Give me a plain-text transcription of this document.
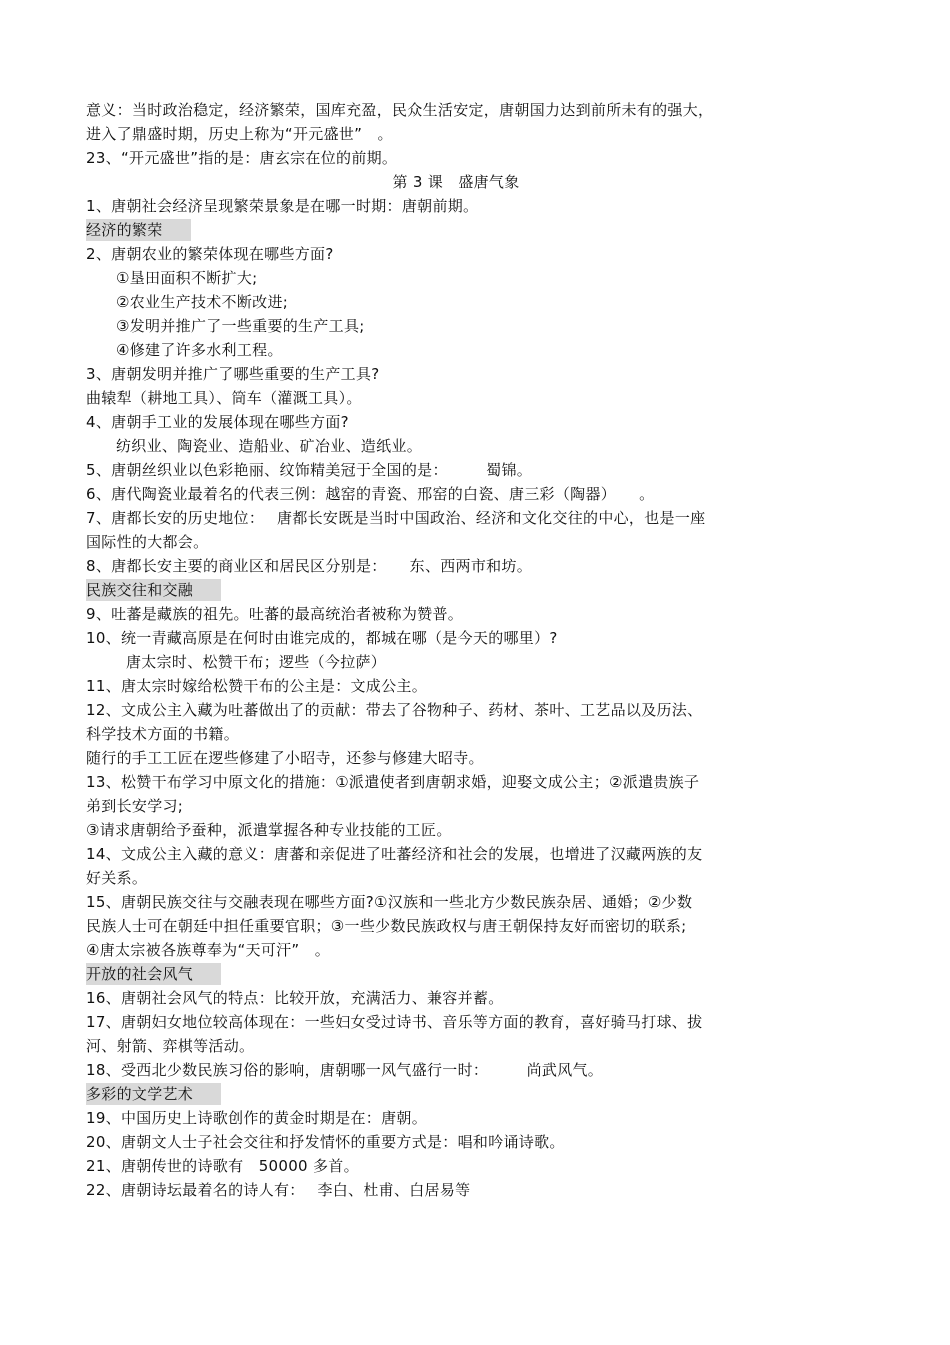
意义：当时政治稳定，经济繁荣，国库充盈，民众生活安定，唐朝国力达到前所未有的强大，
进入了鼎盛时期，历史上称为“开元盛世”　。
23、“开元盛世”指的是：唐玄宗在位的前期。
第 3 课　盛唐气象
1、唐朝社会经济呈现繁荣景象是在哪一时期：唐朝前期。
经济的繁荣
2、唐朝农业的繁荣体现在哪些方面?
①垦田面积不断扩大;
②农业生产技术不断改进;
③发明并推广了一些重要的生产工具;
④修建了许多水利工程。
3、唐朝发明并推广了哪些重要的生产工具?
曲辕犁（耕地工具）、筒车（灌溉工具）。
4、唐朝手工业的发展体现在哪些方面?
纺织业、陶瓷业、造船业、矿冶业、造纸业。
5、唐朝丝织业以色彩艳丽、纹饰精美冠于全国的是：　　　蜀锦。
6、唐代陶瓷业最着名的代表三例：越窑的青瓷、邢窑的白瓷、唐三彩（陶器）　　。
7、唐都长安的历史地位：　 唐都长安既是当时中国政治、经济和文化交往的中心，也是一座
国际性的大都会。
8、唐都长安主要的商业区和居民区分别是：　　东、西两市和坊。
民族交往和交融
9、吐蕃是藏族的祖先。吐蕃的最高统治者被称为赞普。
10、统一青藏高原是在何时由谁完成的，都城在哪（是今天的哪里）?
唐太宗时、松赞干布；逻些（今拉萨）
11、唐太宗时嫁给松赞干布的公主是：文成公主。
12、文成公主入藏为吐蕃做出了的贡献：带去了谷物种子、药材、茶叶、工艺品以及历法、
科学技术方面的书籍。
随行的手工工匠在逻些修建了小昭寺，还参与修建大昭寺。
13、松赞干布学习中原文化的措施：①派遣使者到唐朝求婚，迎娶文成公主；②派遣贵族子
弟到长安学习;
③请求唐朝给予蚕种，派遣掌握各种专业技能的工匠。
14、文成公主入藏的意义：唐蕃和亲促进了吐蕃经济和社会的发展，也增进了汉藏两族的友
好关系。
15、唐朝民族交往与交融表现在哪些方面?①汉族和一些北方少数民族杂居、通婚；②少数
民族人士可在朝廷中担任重要官职；③一些少数民族政权与唐王朝保持友好而密切的联系;
④唐太宗被各族尊奉为“天可汗”　。
开放的社会风气
16、唐朝社会风气的特点：比较开放，充满活力、兼容并蓄。
17、唐朝妇女地位较高体现在：一些妇女受过诗书、音乐等方面的教育，喜好骑马打球、拔
河、射箭、弈棋等活动。
18、受西北少数民族习俗的影响，唐朝哪一风气盛行一时：　　　尚武风气。
多彩的文学艺术
19、中国历史上诗歌创作的黄金时期是在：唐朝。
20、唐朝文人士子社会交往和抒发情怀的重要方式是：唱和吟诵诗歌。
21、唐朝传世的诗歌有　50000 多首。
22、唐朝诗坛最着名的诗人有：　 李白、杜甫、白居易等
